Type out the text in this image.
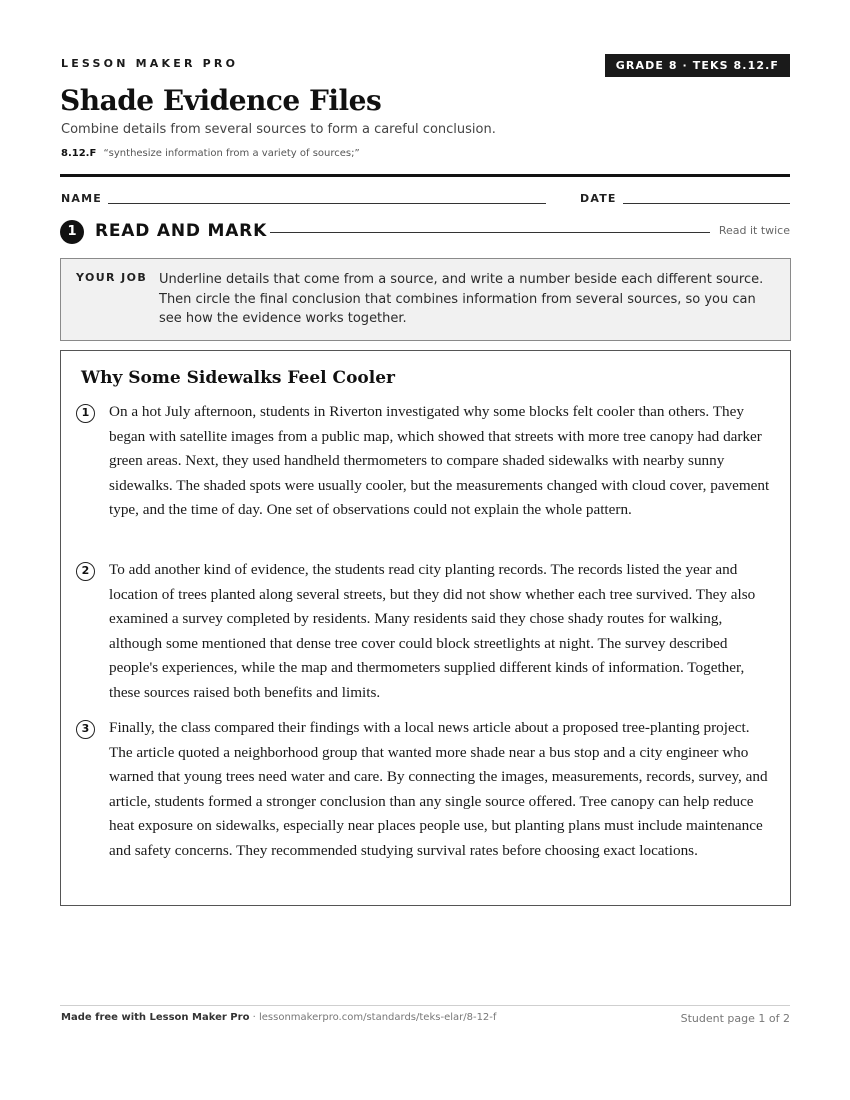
LESSON MAKER PRO	GRADE 8 · TEKS 8.12.F
Shade Evidence Files
Combine details from several sources to form a careful conclusion.
8.12.F “synthesize information from a variety of sources;”
NAME	DATE
1	READ AND MARK	Read it twice
YOUR JOB Underline details that come from a source, and write a number beside each different source. Then circle the final conclusion that combines information from several sources, so you can see how the evidence works together.
Why Some Sidewalks Feel Cooler
1	On a hot July afternoon, students in Riverton investigated why some blocks felt cooler than others. They began with satellite images from a public map, which showed that streets with more tree canopy had darker green areas. Next, they used handheld thermometers to compare shaded sidewalks with nearby sunny sidewalks. The shaded spots were usually cooler, but the measurements changed with cloud cover, pavement type, and the time of day. One set of observations could not explain the whole pattern.

2	To add another kind of evidence, the students read city planting records. The records listed the year and location of trees planted along several streets, but they did not show whether each tree survived. They also examined a survey completed by residents. Many residents said they chose shady routes for walking, although some mentioned that dense tree cover could block streetlights at night. The survey described people's experiences, while the map and thermometers supplied different kinds of information. Together, these sources raised both benefits and limits.

3	Finally, the class compared their findings with a local news article about a proposed tree-planting project. The article quoted a neighborhood group that wanted more shade near a bus stop and a city engineer who warned that young trees need water and care. By connecting the images, measurements, records, survey, and article, students formed a stronger conclusion than any single source offered. Tree canopy can help reduce heat exposure on sidewalks, especially near places people use, but planting plans must include maintenance and safety concerns. They recommended studying survival rates before choosing exact locations.

Made free with Lesson Maker Pro · lessonmakerpro.com/standards/teks-elar/8-12-f	Student page 1 of 2
